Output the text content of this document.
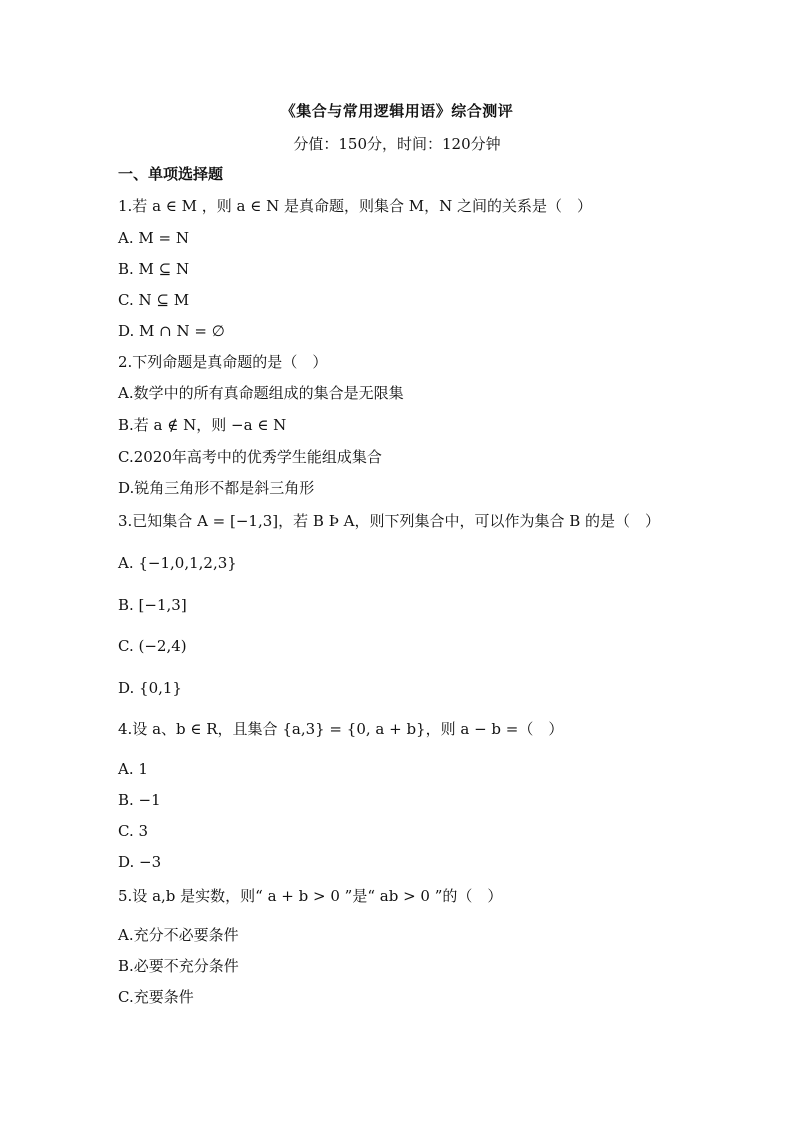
《集合与常用逻辑用语》综合测评
分值：150分，时间：120分钟
一、单项选择题
1.若 a ∈ M ，则 a ∈ N 是真命题，则集合 M，N 之间的关系是（　）
A. M = N
B. M ⊆ N
C. N ⊆ M
D. M ∩ N = ∅
2.下列命题是真命题的是（　）
A.数学中的所有真命题组成的集合是无限集
B.若 a ∉ N，则 −a ∈ N
C.2020年高考中的优秀学生能组成集合
D.锐角三角形不都是斜三角形
3.已知集合 A = [−1,3]，若 B Þ A，则下列集合中，可以作为集合 B 的是（　）
A. {−1,0,1,2,3}
B. [−1,3]
C. (−2,4)
D. {0,1}
4.设 a、b ∈ R，且集合 {a,3} = {0, a + b}，则 a − b =（　）
A. 1
B. −1
C. 3
D. −3
5.设 a,b 是实数，则“ a + b > 0 ”是“ ab > 0 ”的（　）
A.充分不必要条件
B.必要不充分条件
C.充要条件
